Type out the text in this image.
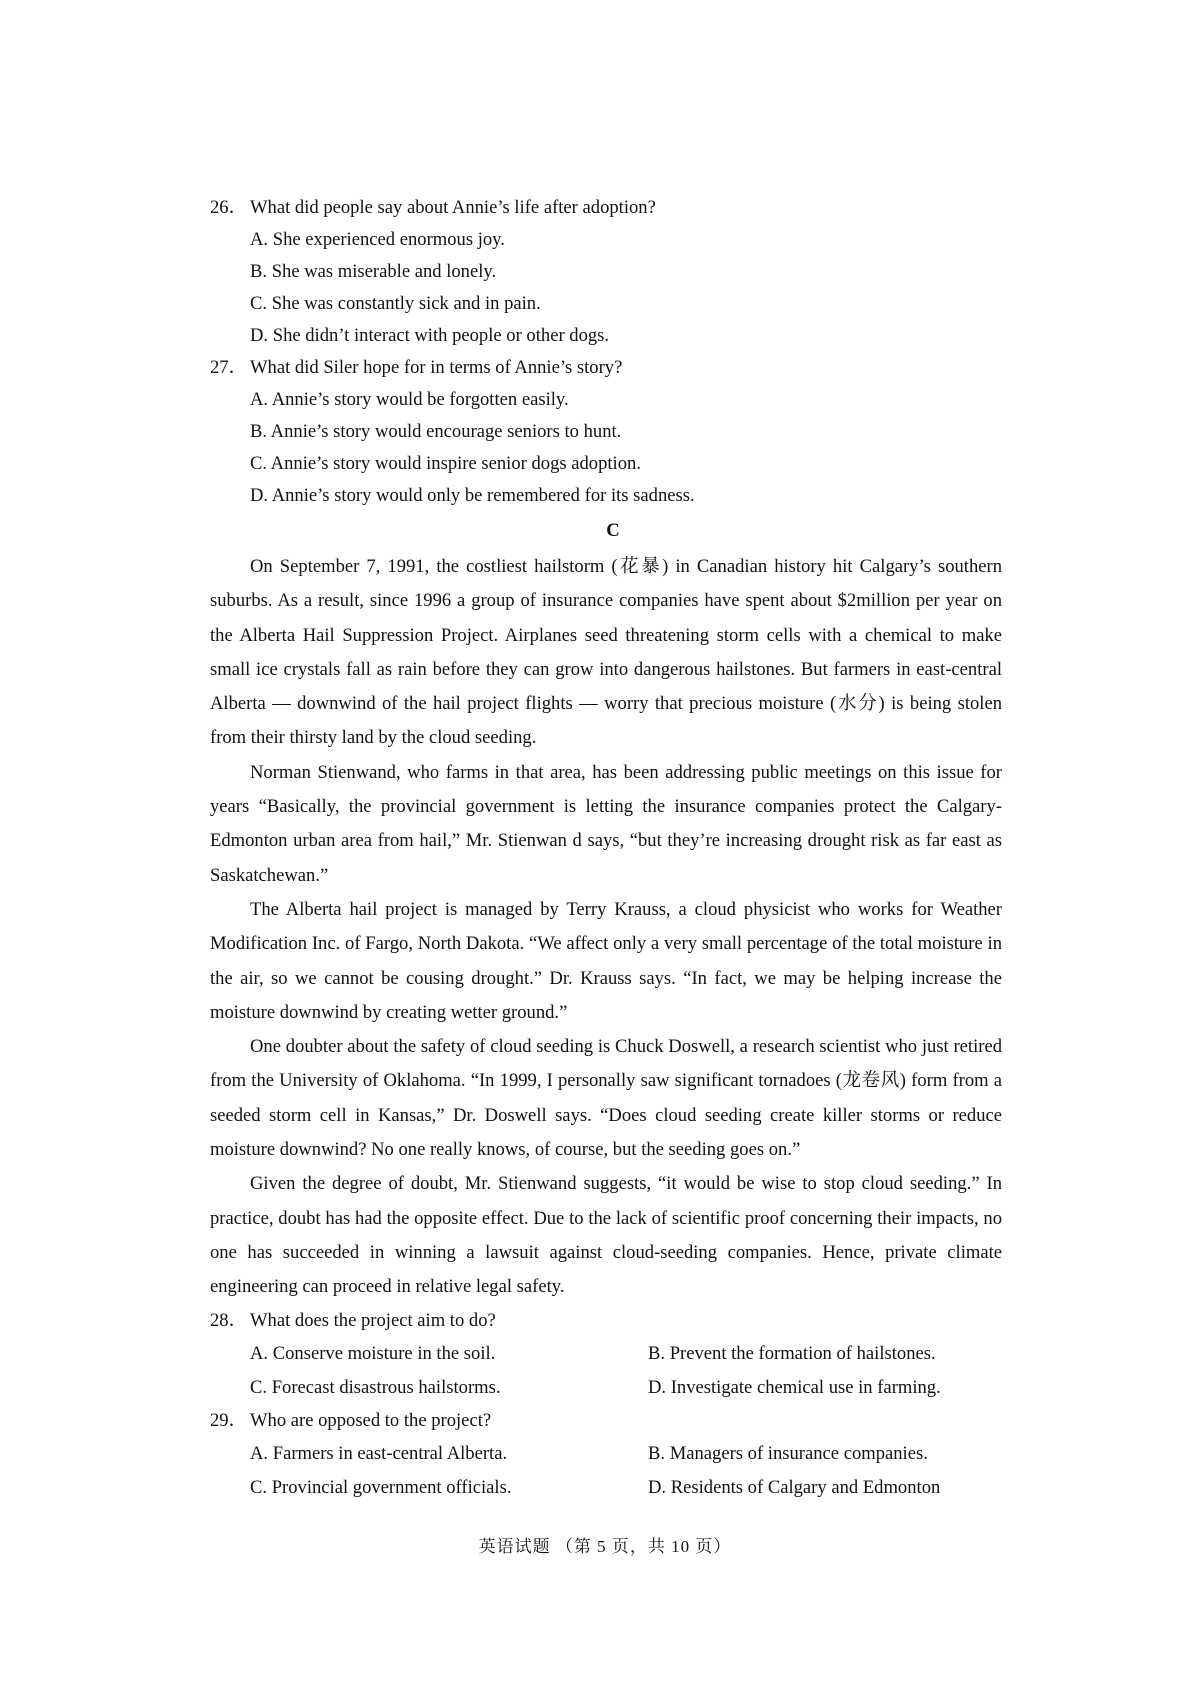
26． What did people say about Annie’s life after adoption?
A. She experienced enormous joy.
B. She was miserable and lonely.
C. She was constantly sick and in pain.
D. She didn’t interact with people or other dogs.
27． What did Siler hope for in terms of Annie’s story?
A. Annie’s story would be forgotten easily.
B. Annie’s story would encourage seniors to hunt.
C. Annie’s story would inspire senior dogs adoption.
D. Annie’s story would only be remembered for its sadness.
C

On September 7, 1991, the costliest hailstorm (花暴) in Canadian history hit Calgary’s southern suburbs. As a result, since 1996 a group of insurance companies have spent about $2million per year on the Alberta Hail Suppression Project. Airplanes seed threatening storm cells with a chemical to make small ice crystals fall as rain before they can grow into dangerous hailstones. But farmers in east-central Alberta — downwind of the hail project flights — worry that precious moisture (水分) is being stolen from their thirsty land by the cloud seeding.

Norman Stienwand, who farms in that area, has been addressing public meetings on this issue for years “Basically, the provincial government is letting the insurance companies protect the Calgary-Edmonton urban area from hail,” Mr. Stienwan d says, “but they’re increasing drought risk as far east as Saskatchewan.”

The Alberta hail project is managed by Terry Krauss, a cloud physicist who works for Weather Modification Inc. of Fargo, North Dakota. “We affect only a very small percentage of the total moisture in the air, so we cannot be cousing drought.” Dr. Krauss says. “In fact, we may be helping increase the moisture downwind by creating wetter ground.”

One doubter about the safety of cloud seeding is Chuck Doswell, a research scientist who just retired from the University of Oklahoma. “In 1999, I personally saw significant tornadoes (龙卷风) form from a seeded storm cell in Kansas,” Dr. Doswell says. “Does cloud seeding create killer storms or reduce moisture downwind? No one really knows, of course, but the seeding goes on.”

Given the degree of doubt, Mr. Stienwand suggests, “it would be wise to stop cloud seeding.” In practice, doubt has had the opposite effect. Due to the lack of scientific proof concerning their impacts, no one has succeeded in winning a lawsuit against cloud-seeding companies. Hence, private climate engineering can proceed in relative legal safety.

28． What does the project aim to do?
A. Conserve moisture in the soil.	B. Prevent the formation of hailstones.
C. Forecast disastrous hailstorms.	D. Investigate chemical use in farming.
29． Who are opposed to the project?
A. Farmers in east-central Alberta.	B. Managers of insurance companies.
C. Provincial government officials.	D. Residents of Calgary and Edmonton
英语试题 （第 5 页，共 10 页）
